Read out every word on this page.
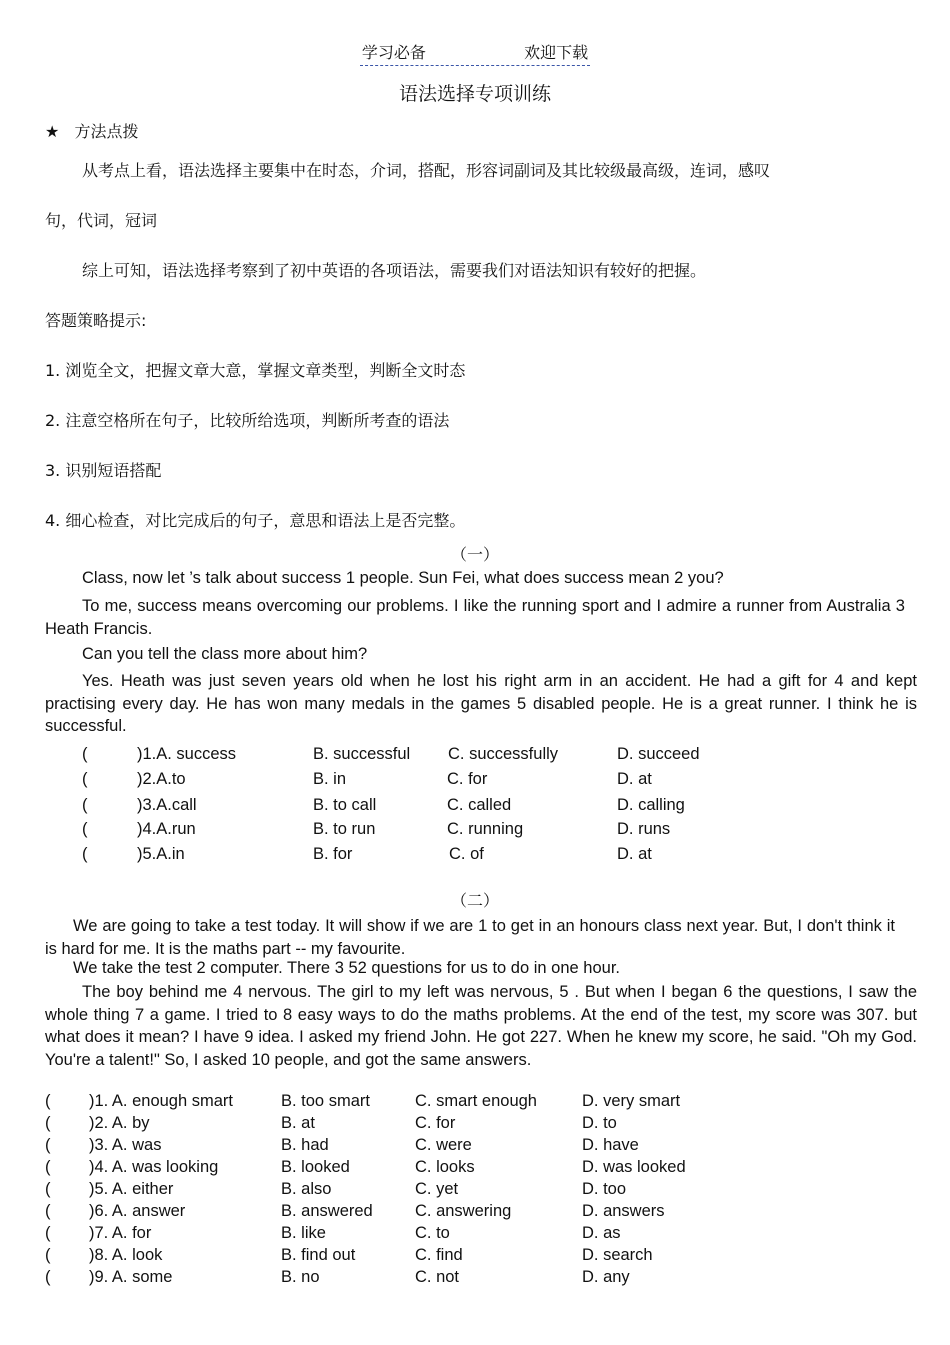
学习必备	欢迎下载
语法选择专项训练
★ 方法点拨
从考点上看，语法选择主要集中在时态，介词，搭配，形容词副词及其比较级最高级，连词，感叹
句，代词，冠词
综上可知，语法选择考察到了初中英语的各项语法，需要我们对语法知识有较好的把握。
答题策略提示:
1. 浏览全文，把握文章大意，掌握文章类型，判断全文时态
2. 注意空格所在句子，比较所给选项，判断所考查的语法
3. 识别短语搭配
4. 细心检查，对比完成后的句子，意思和语法上是否完整。
（一）
Class, now let ’s talk about success 1 people. Sun Fei, what does success mean 2 you?
To me, success means overcoming our problems. I like the running sport and I admire a runner from Australia 3 Heath Francis.
Can you tell the class more about him?
Yes. Heath was just seven years old when he lost his right arm in an accident. He had a gift for 4 and kept practising every day. He has won many medals in the games 5 disabled people. He is a great runner. I think he is successful.
(	)1.A. success	B. successful C. successfully	D. succeed
(	)2.A.to	B. in	C. for	D. at
(	)3.A.call	B. to call	C. called	D. calling
(	)4.A.run	B. to run	C. running	D. runs
(	)5.A.in	B. for	C. of	D. at
（二）
We are going to take a test today. It will show if we are 1 to get in an honours class next year. But, I don't think it is hard for me. It is the maths part -- my favourite.
We take the test 2 computer. There 3 52 questions for us to do in one hour.
The boy behind me 4 nervous. The girl to my left was nervous, 5 . But when I began 6 the questions, I saw the whole thing 7 a game. I tried to 8 easy ways to do the maths problems. At the end of the test, my score was 307. but what does it mean? I have 9 idea. I asked my friend John. He got 227. When he knew my score, he said. "Oh my God. You're a talent!" So, I asked 10 people, and got the same answers.
( )1. A. enough smart	B. too smart	C. smart enough	D. very smart
( )2. A. by	B. at	C. for	D. to
( )3. A. was	B. had	C. were	D. have
( )4. A. was looking	B. looked	C. looks	D. was looked
( )5. A. either	B. also	C. yet	D. too
( )6. A. answer	B. answered	C. answering	D. answers
( )7. A. for	B. like	C. to	D. as
( )8. A. look	B. find out	C. find	D. search
( )9. A. some	B. no	C. not	D. any
